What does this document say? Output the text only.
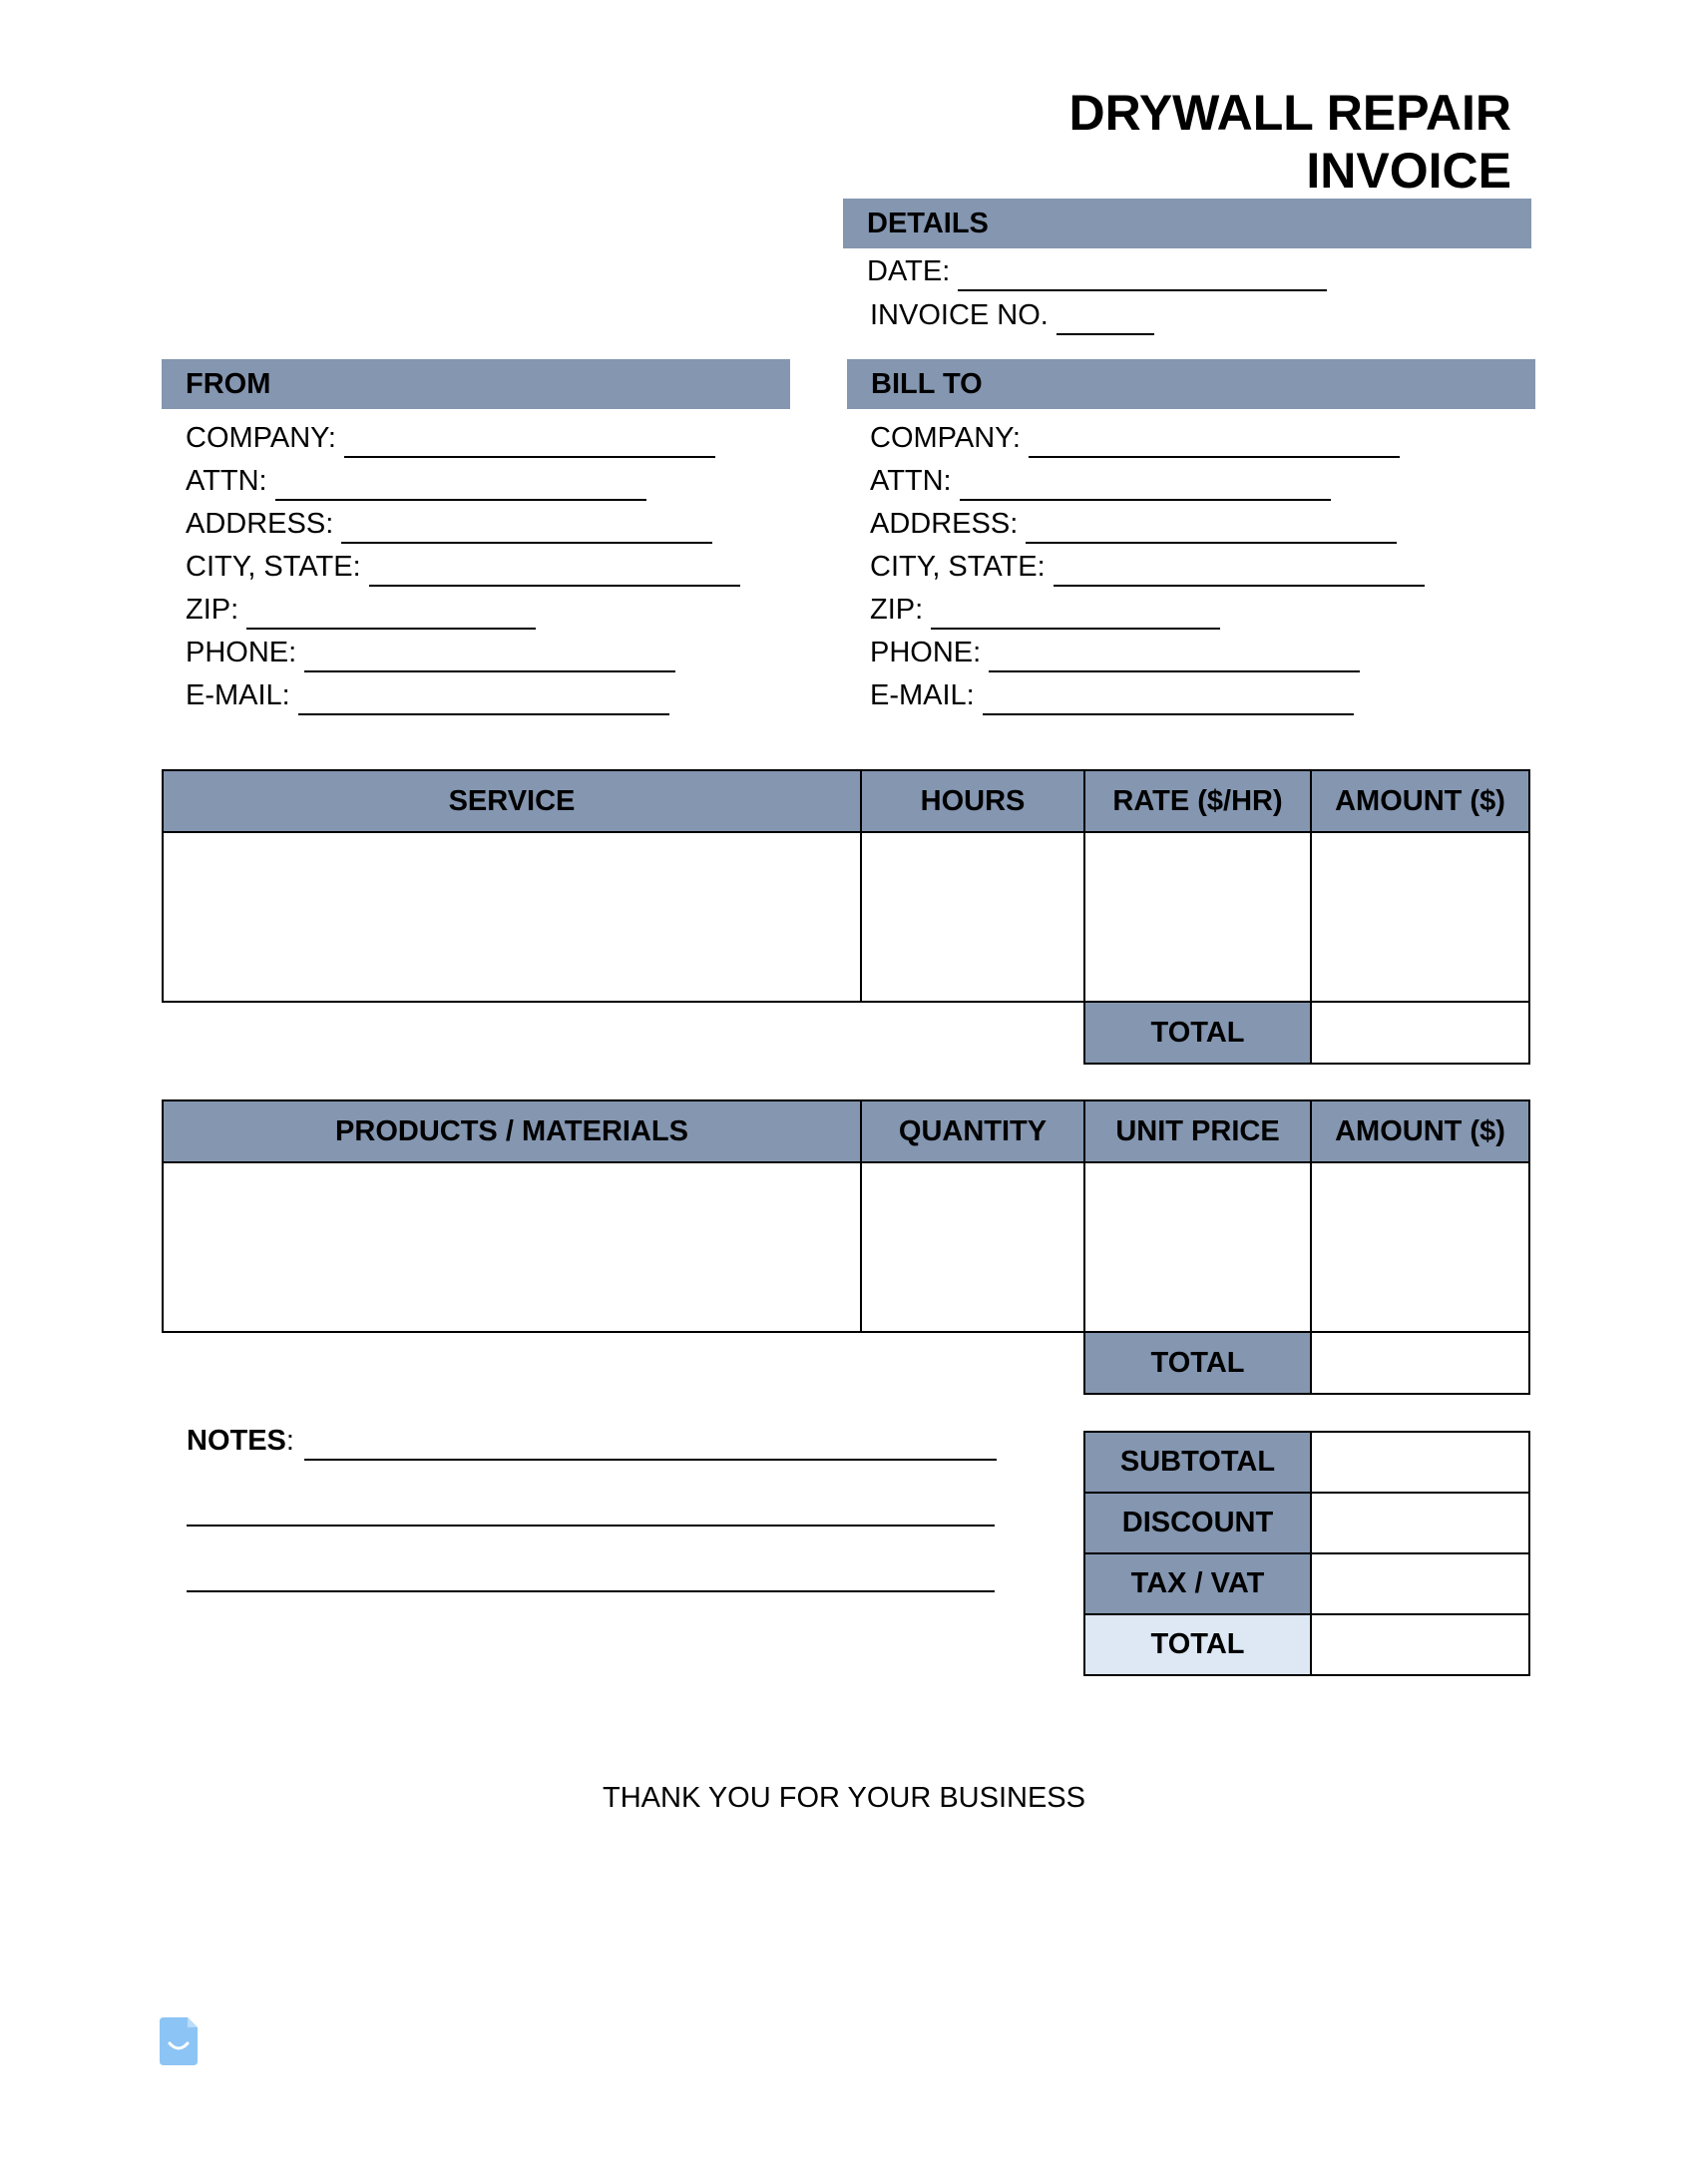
DRYWALL REPAIR
INVOICE
DETAILS
DATE:
INVOICE NO.
FROM
COMPANY:
ATTN:
ADDRESS:
CITY, STATE:
ZIP:
PHONE:
E-MAIL:
BILL TO
COMPANY:
ATTN:
ADDRESS:
CITY, STATE:
ZIP:
PHONE:
E-MAIL:
SERVICE	HOURS	RATE ($/HR)	AMOUNT ($)

		TOTAL	
PRODUCTS / MATERIALS	QUANTITY	UNIT PRICE	AMOUNT ($)

		TOTAL	
NOTES :
SUBTOTAL	
DISCOUNT	
TAX / VAT	
TOTAL	
THANK YOU FOR YOUR BUSINESS
